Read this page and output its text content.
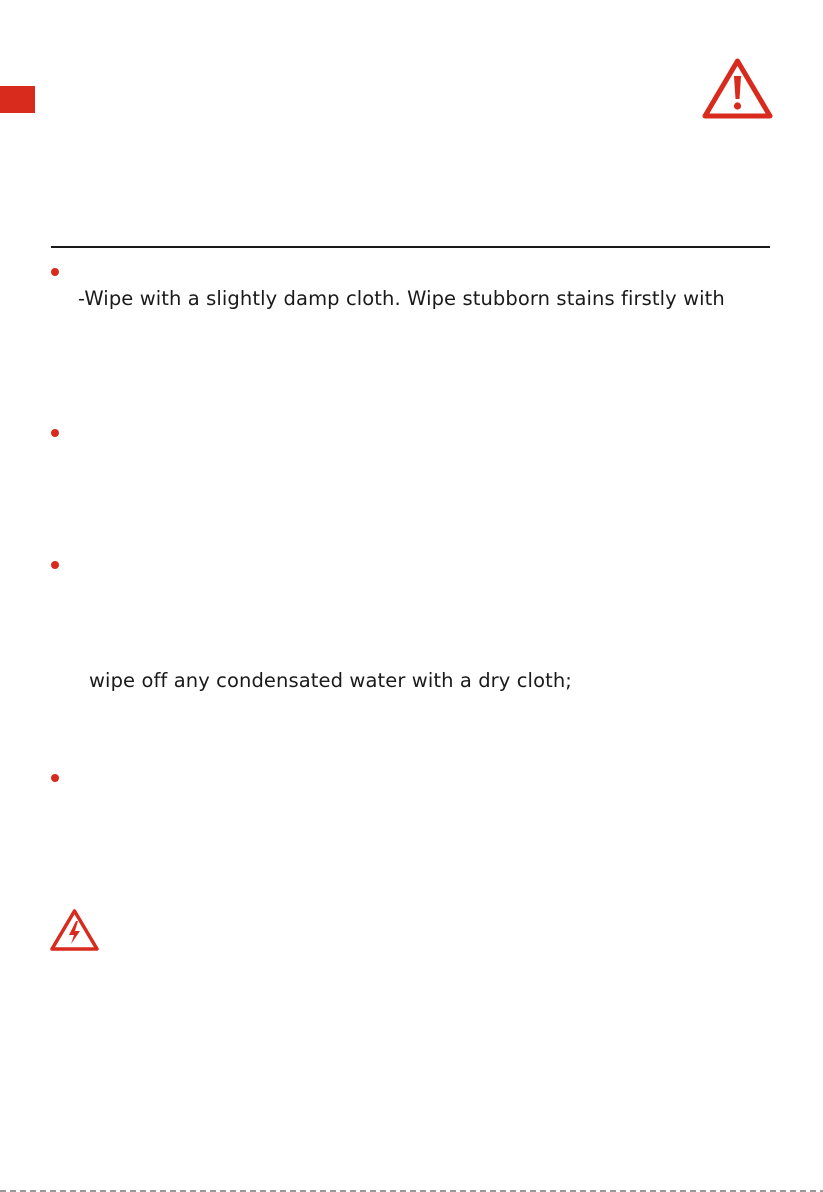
-Wipe with a slightly damp cloth. Wipe stubborn stains firstly with
wipe off any condensated water with a dry cloth;
